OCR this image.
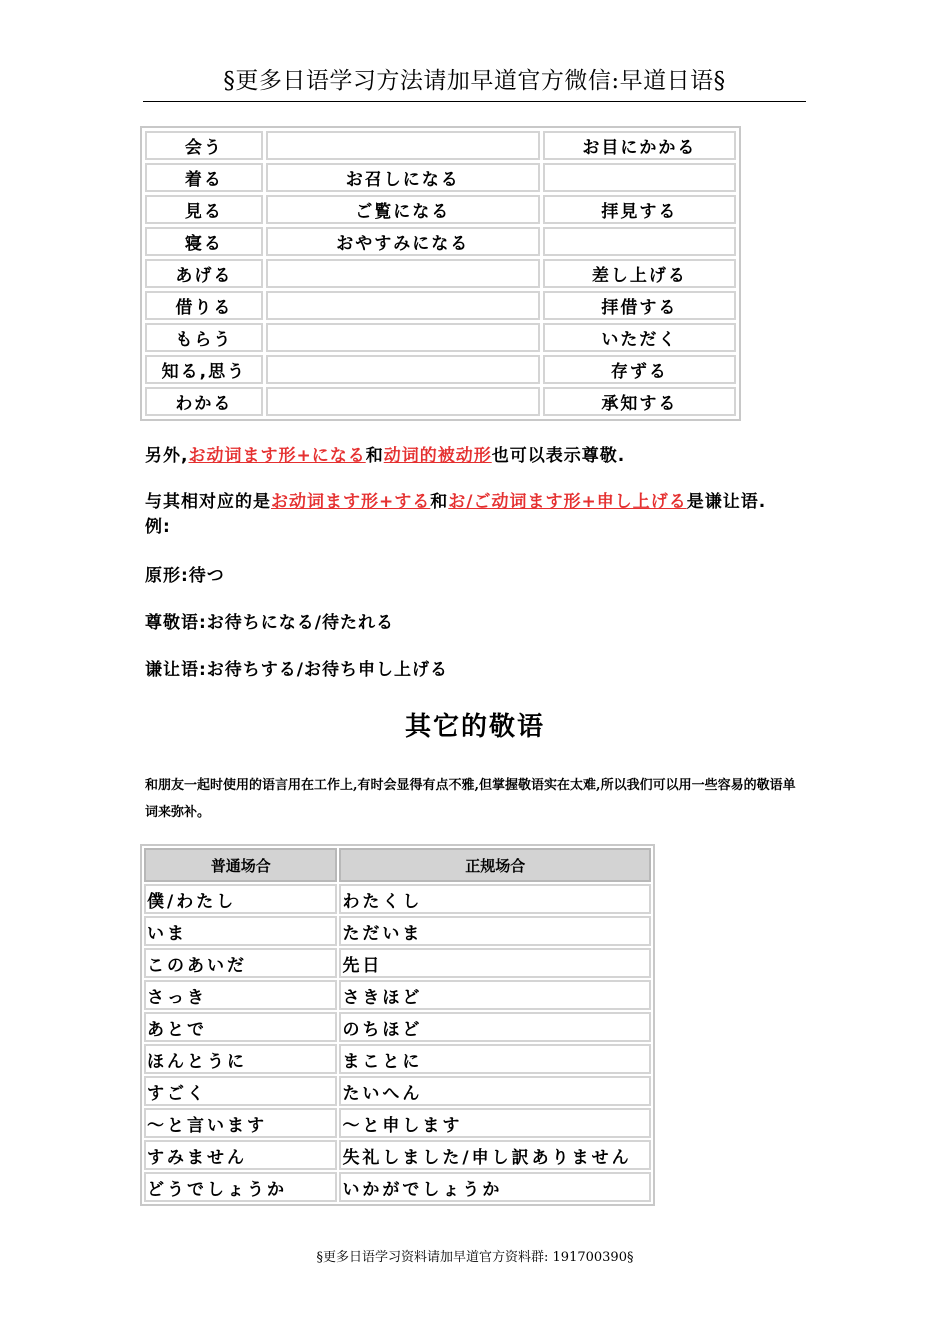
§更多日语学习方法请加早道官方微信:早道日语§
会う		お目にかかる
着る	お召しになる	
見る	ご覧になる	拝見する
寝る	おやすみになる	
あげる		差し上げる
借りる		拝借する
もらう		いただく
知る,思う		存ずる
わかる		承知する

另外,お动词ます形+になる和动词的被动形也可以表示尊敬.

与其相对应的是お动词ます形+する和お/ご动词ます形+申し上げる是谦让语.
例:

原形:待つ

尊敬语:お待ちになる/待たれる

谦让语:お待ちする/お待ち申し上げる

其它的敬语

和朋友一起时使用的语言用在工作上,有时会显得有点不雅,但掌握敬语实在太难,所以我们可以用一些容易的敬语单词来弥补。

普通场合	正规场合
僕/わたし	わたくし
いま	ただいま
このあいだ	先日
さっき	さきほど
あとで	のちほど
ほんとうに	まことに
すごく	たいへん
～と言います	～と申します
すみません	失礼しました/申し訳ありません
どうでしょうか	いかがでしょうか
§更多日语学习资料请加早道官方资料群: 191700390§
